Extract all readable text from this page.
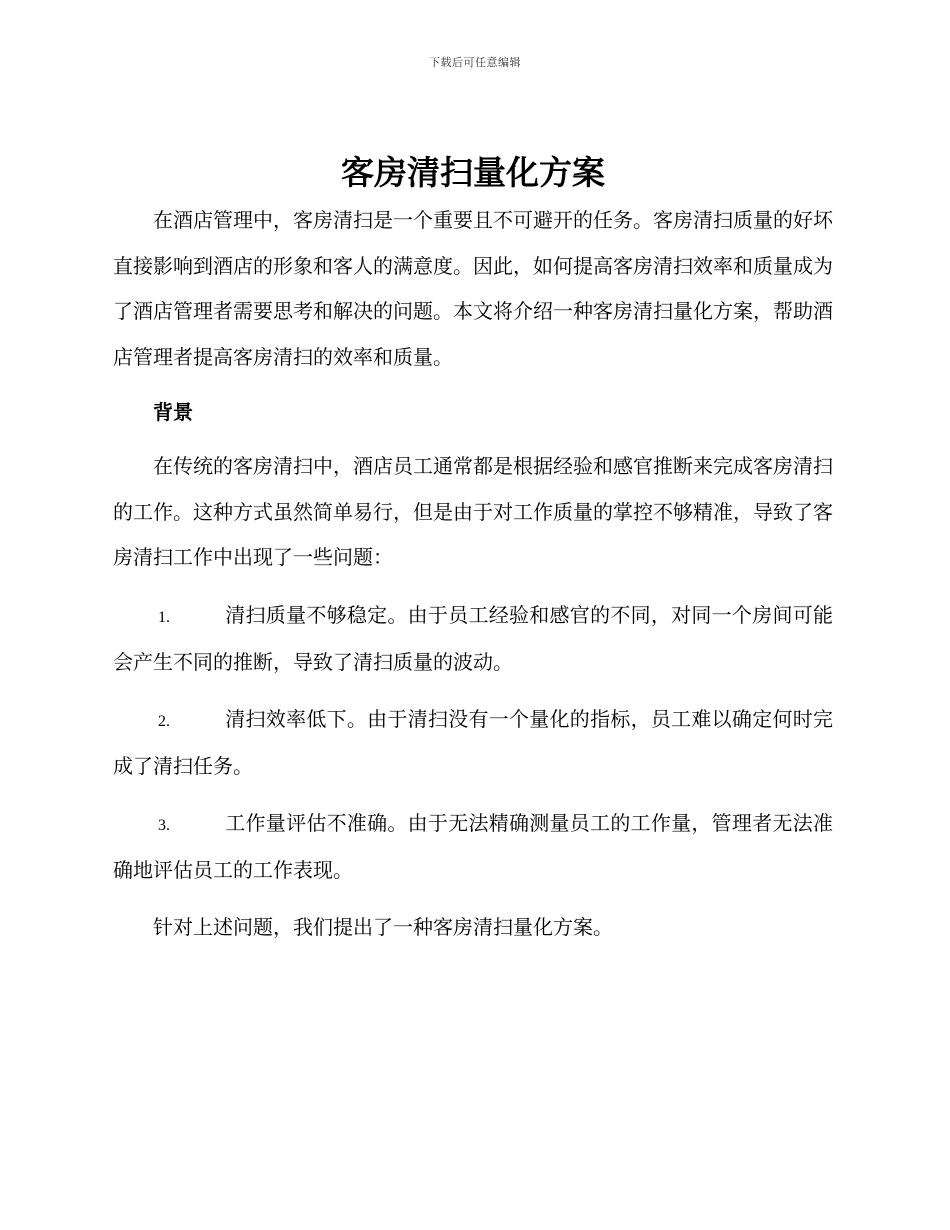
下载后可任意编辑
客房清扫量化方案

在酒店管理中，客房清扫是一个重要且不可避开的任务。客房清扫质量的好坏直接影响到酒店的形象和客人的满意度。因此，如何提高客房清扫效率和质量成为了酒店管理者需要思考和解决的问题。本文将介绍一种客房清扫量化方案，帮助酒店管理者提高客房清扫的效率和质量。

背景

在传统的客房清扫中，酒店员工通常都是根据经验和感官推断来完成客房清扫的工作。这种方式虽然简单易行，但是由于对工作质量的掌控不够精准，导致了客房清扫工作中出现了一些问题：

1.	清扫质量不够稳定。由于员工经验和感官的不同，对同一个房间可能会产生不同的推断，导致了清扫质量的波动。

2.	清扫效率低下。由于清扫没有一个量化的指标，员工难以确定何时完成了清扫任务。

3.	工作量评估不准确。由于无法精确测量员工的工作量，管理者无法准确地评估员工的工作表现。

针对上述问题，我们提出了一种客房清扫量化方案。
